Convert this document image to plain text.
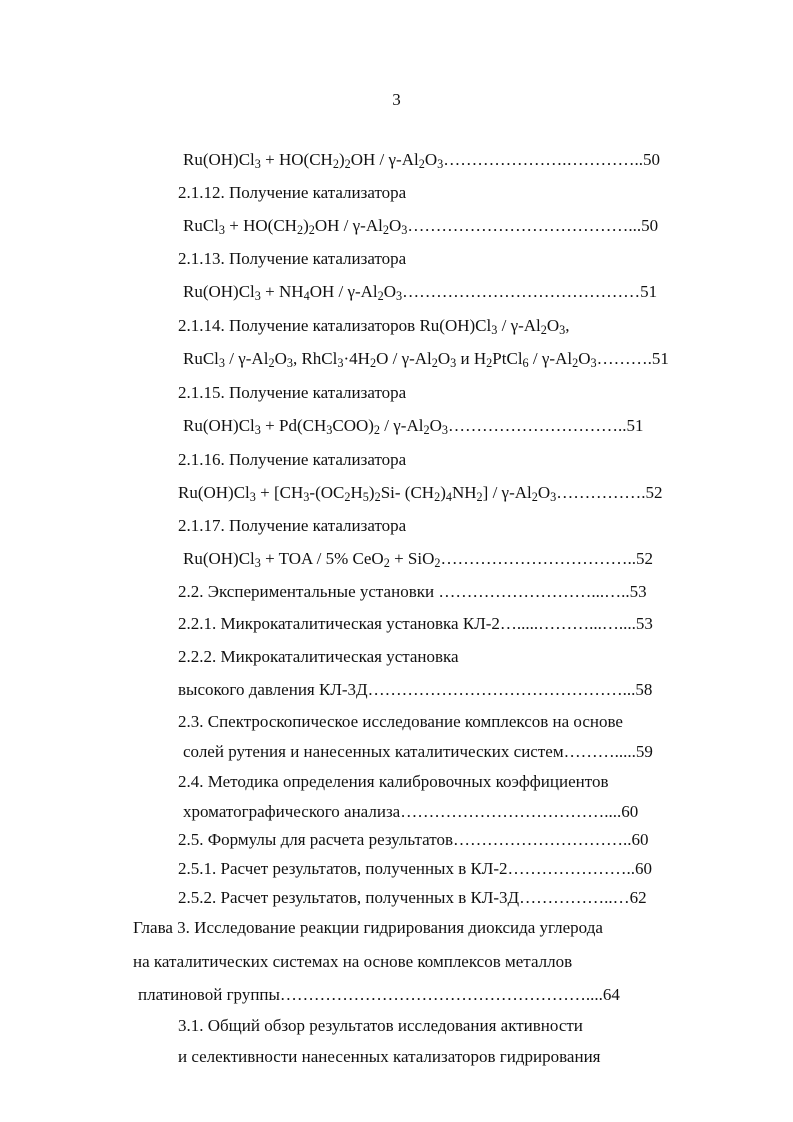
3
$Ru(OH)Cl_3 + HO(CH_2)_2OH$ / $\gamma-Al_2O_3\dots\dots\dots\dots\dots\dots\dots.\dots\dots\dots\dots..50$
2.1.12. Получение катализатора
RuCl$_3$ + $HO(CH_2)_2OH$ / $\gamma-Al_2O_3\dots\dots\dots\dots\dots\dots\dots\dots\dots\dots\dots\dots\dots...50$
2.1.13. Получение катализатора
$Ru(OH)Cl_3 + NH_4OH$ / $\gamma-Al_2O_3\dots\dots\dots\dots\dots\dots\dots\dots\dots\dots\dots\dots\dots\dots 51$
2.1.14. Получение катализаторов $Ru(OH)Cl_3 / \gamma-Al_2O_3$,
RuCl$_3$ / $\gamma-Al_2O_3$, $RhCl_3\cdot 4H_2O / \gamma-Al_2O_3$ и $H_2PtCl_6$ / $\gamma-Al_2O_3\dots\dots\dots.51$
2.1.15. Получение катализатора
$Ru(OH)Cl_3 + Pd(CH_3COO)_2$ / $\gamma-Al_2O_3\dots\dots\dots\dots\dots\dots\dots\dots\dots\dots..51$
2.1.16. Получение катализатора
$Ru(OH)Cl_3 + [CH_3-(OC_2H_5)_2Si-$ $(CH_2)_4NH_2$] / $\gamma-Al_2O_3\dots\dots\dots\dots\dots.52$
2.1.17. Получение катализатора
$Ru(OH)Cl_3$ + TOA / 5% CeO$_2$ + SiO$_2$……………………………..52
2.2. Экспериментальные установки ………………………...…..53
2.2.1. Микрокаталитическая установка КЛ-2….....………...…....53
2.2.2. Микрокаталитическая установка
высокого давления КЛ-3Д………………………………………...58
2.3. Спектроскопическое исследование комплексов на основе
солей рутения и нанесенных каталитических систем……….....59
2.4. Методика определения калибровочных коэффициентов
хроматографического анализа………………………………....60
2.5. Формулы для расчета результатов…………………………..60
2.5.1. Расчет результатов, полученных в КЛ-2…………………..60
2.5.2. Расчет результатов, полученных в КЛ-3Д……………..…62
Глава 3. Исследование реакции гидрирования диоксида углерода
на каталитических системах на основе комплексов металлов
платиновой группы………………………………………………....64
3.1. Общий обзор результатов исследования активности
и селективности нанесенных катализаторов гидрирования
